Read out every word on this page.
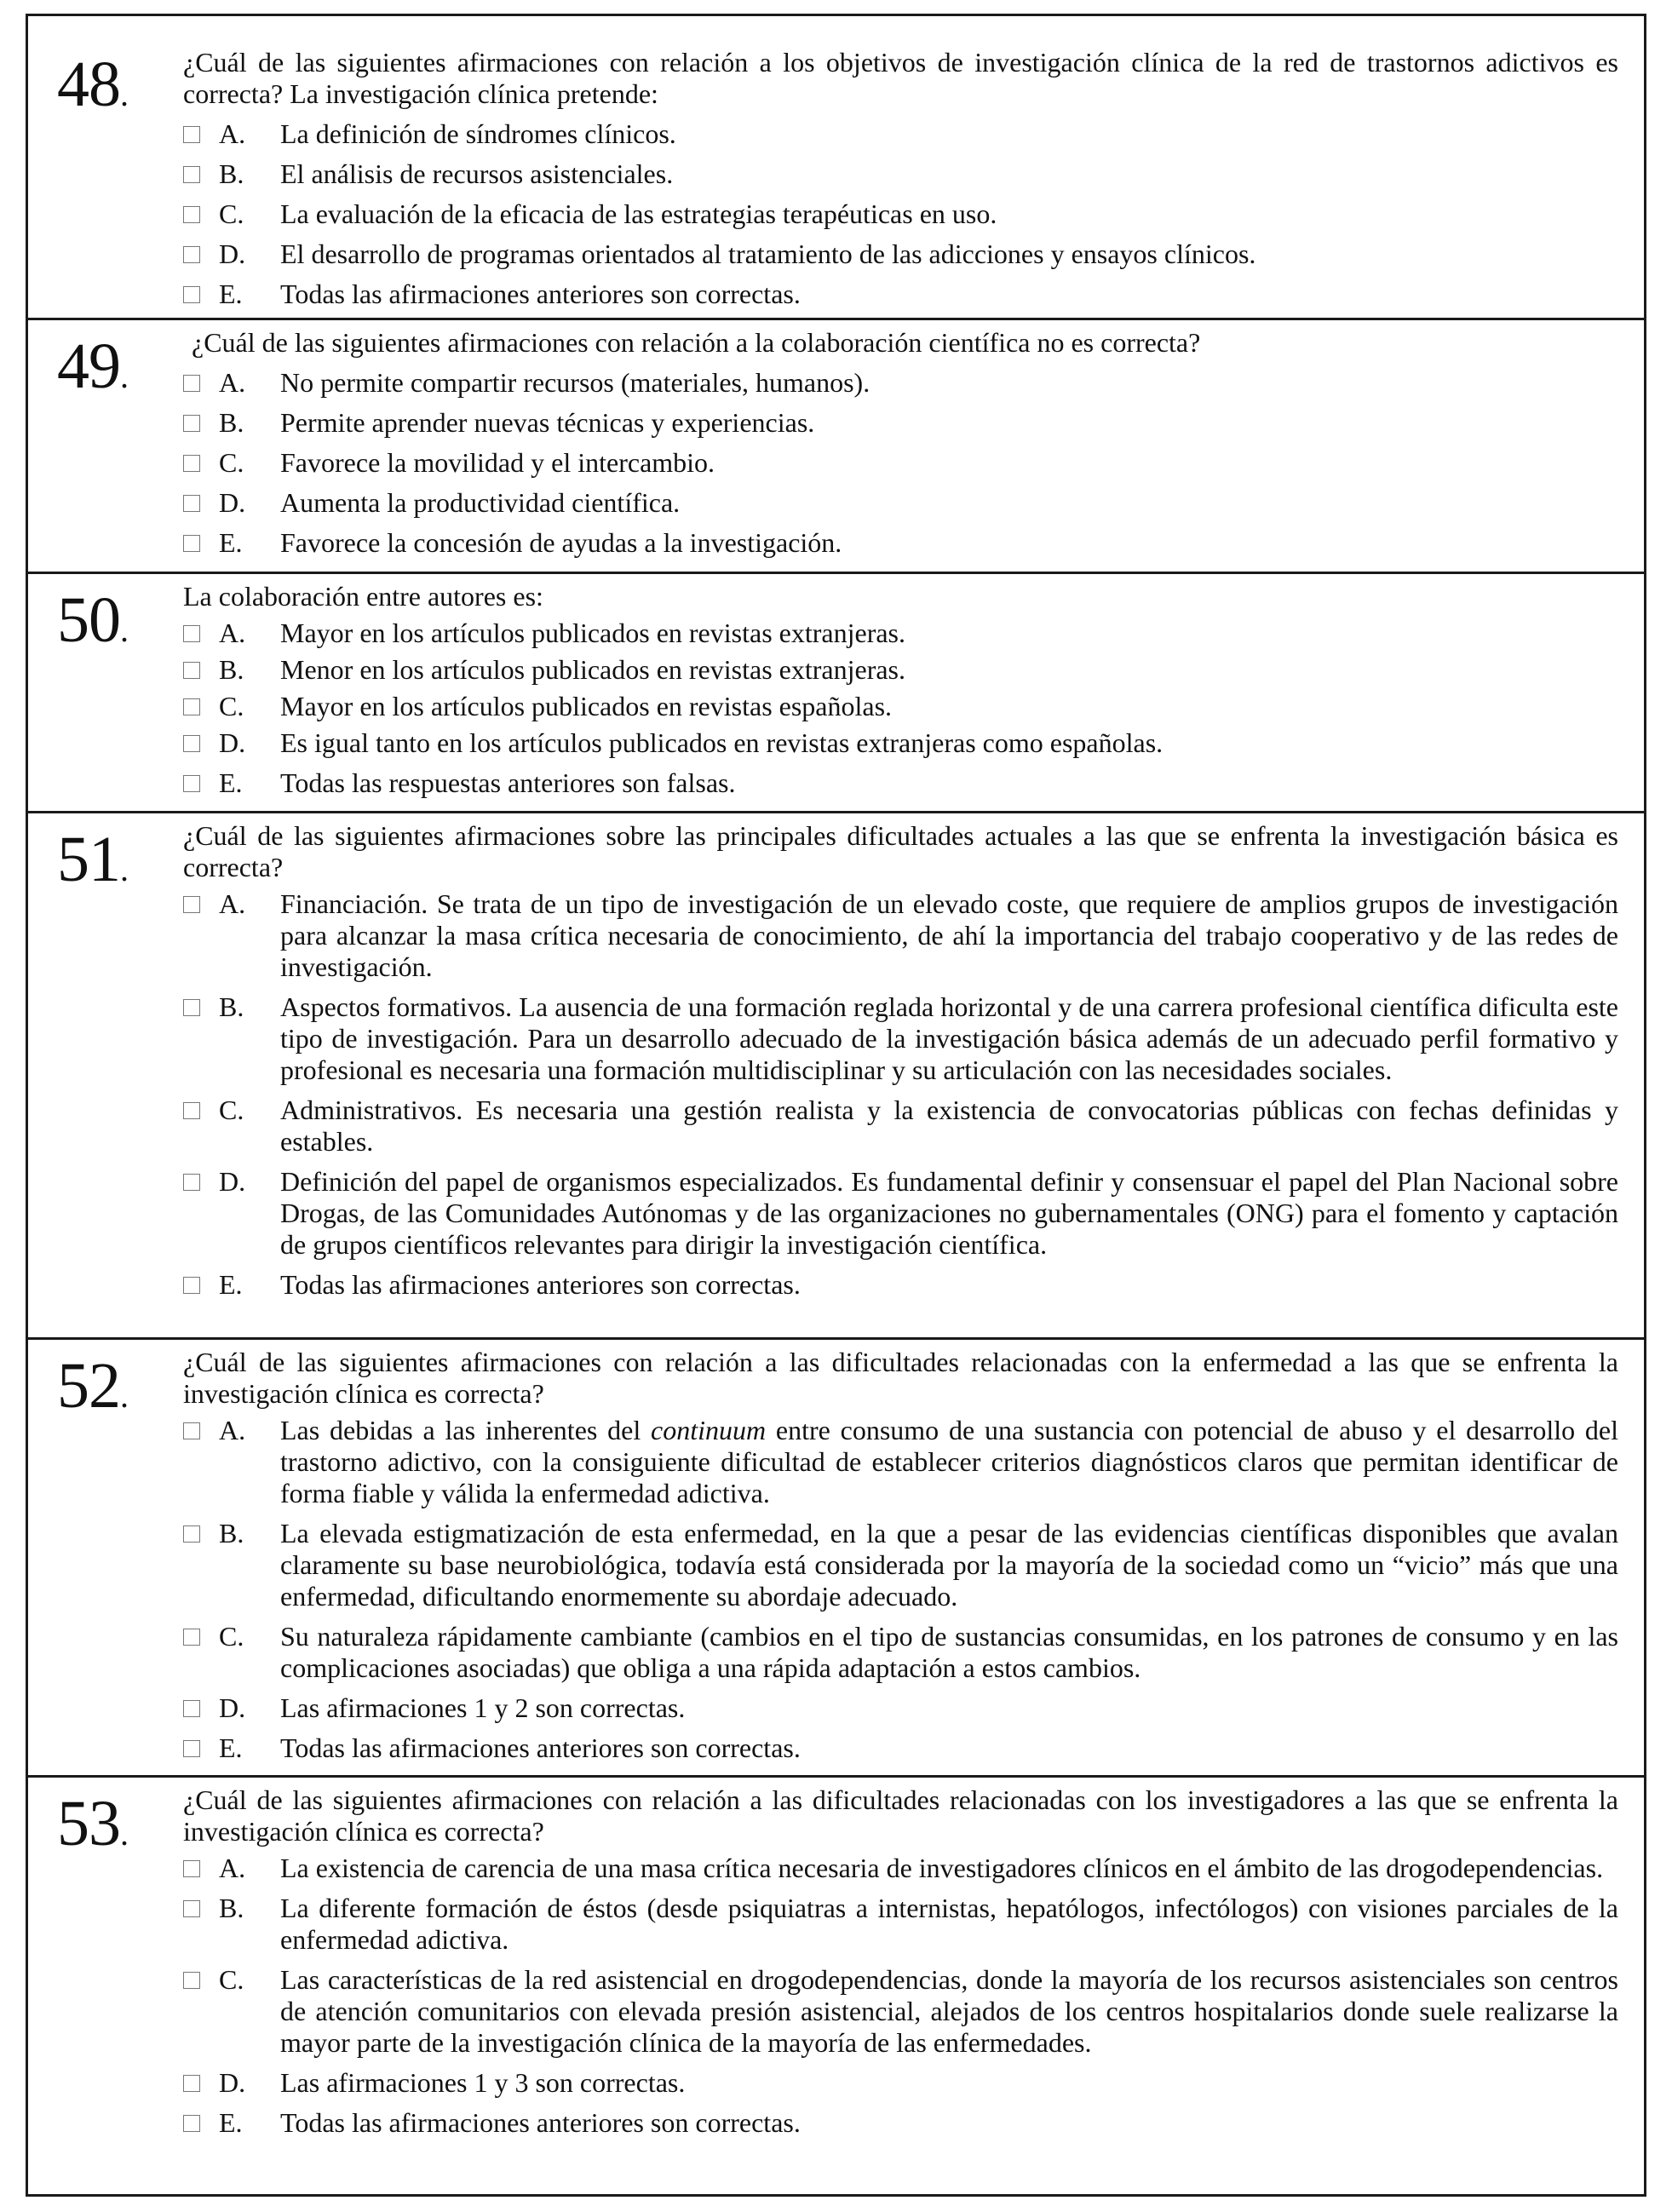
48.
¿Cuál de las siguientes afirmaciones con relación a los objetivos de investigación clínica de la red de trastornos adictivos es correcta? La investigación clínica pretende:
A. La definición de síndromes clínicos.
B. El análisis de recursos asistenciales.
C. La evaluación de la eficacia de las estrategias terapéuticas en uso.
D. El desarrollo de programas orientados al tratamiento de las adicciones y ensayos clínicos.
E. Todas las afirmaciones anteriores son correctas.
49.
¿Cuál de las siguientes afirmaciones con relación a la colaboración científica no es correcta?
A. No permite compartir recursos (materiales, humanos).
B. Permite aprender nuevas técnicas y experiencias.
C. Favorece la movilidad y el intercambio.
D. Aumenta la productividad científica.
E. Favorece la concesión de ayudas a la investigación.
50.
La colaboración entre autores es:
A. Mayor en los artículos publicados en revistas extranjeras.
B. Menor en los artículos publicados en revistas extranjeras.
C. Mayor en los artículos publicados en revistas españolas.
D. Es igual tanto en los artículos publicados en revistas extranjeras como españolas.
E. Todas las respuestas anteriores son falsas.
51.
¿Cuál de las siguientes afirmaciones sobre las principales dificultades actuales a las que se enfrenta la investigación básica es correcta?
A. Financiación. Se trata de un tipo de investigación de un elevado coste, que requiere de amplios grupos de investigación para alcanzar la masa crítica necesaria de conocimiento, de ahí la importancia del trabajo cooperativo y de las redes de investigación.
B. Aspectos formativos. La ausencia de una formación reglada horizontal y de una carrera profesional científica dificulta este tipo de investigación. Para un desarrollo adecuado de la investigación básica además de un adecuado perfil formativo y profesional es necesaria una formación multidisciplinar y su articulación con las necesidades sociales.
C. Administrativos. Es necesaria una gestión realista y la existencia de convocatorias públicas con fechas definidas y estables.
D. Definición del papel de organismos especializados. Es fundamental definir y consensuar el papel del Plan Nacional sobre Drogas, de las Comunidades Autónomas y de las organizaciones no gubernamentales (ONG) para el fomento y captación de grupos científicos relevantes para dirigir la investigación científica.
E. Todas las afirmaciones anteriores son correctas.
52.
¿Cuál de las siguientes afirmaciones con relación a las dificultades relacionadas con la enfermedad a las que se enfrenta la investigación clínica es correcta?
A. Las debidas a las inherentes del continuum entre consumo de una sustancia con potencial de abuso y el desarrollo del trastorno adictivo, con la consiguiente dificultad de establecer criterios diagnósticos claros que permitan identificar de forma fiable y válida la enfermedad adictiva.
B. La elevada estigmatización de esta enfermedad, en la que a pesar de las evidencias científicas disponibles que avalan claramente su base neurobiológica, todavía está considerada por la mayoría de la sociedad como un “vicio” más que una enfermedad, dificultando enormemente su abordaje adecuado.
C. Su naturaleza rápidamente cambiante (cambios en el tipo de sustancias consumidas, en los patrones de consumo y en las complicaciones asociadas) que obliga a una rápida adaptación a estos cambios.
D. Las afirmaciones 1 y 2 son correctas.
E. Todas las afirmaciones anteriores son correctas.
53.
¿Cuál de las siguientes afirmaciones con relación a las dificultades relacionadas con los investigadores a las que se enfrenta la investigación clínica es correcta?
A. La existencia de carencia de una masa crítica necesaria de investigadores clínicos en el ámbito de las drogodependencias.
B. La diferente formación de éstos (desde psiquiatras a internistas, hepatólogos, infectólogos) con visiones parciales de la enfermedad adictiva.
C. Las características de la red asistencial en drogodependencias, donde la mayoría de los recursos asistenciales son centros de atención comunitarios con elevada presión asistencial, alejados de los centros hospitalarios donde suele realizarse la mayor parte de la investigación clínica de la mayoría de las enfermedades.
D. Las afirmaciones 1 y 3 son correctas.
E. Todas las afirmaciones anteriores son correctas.
